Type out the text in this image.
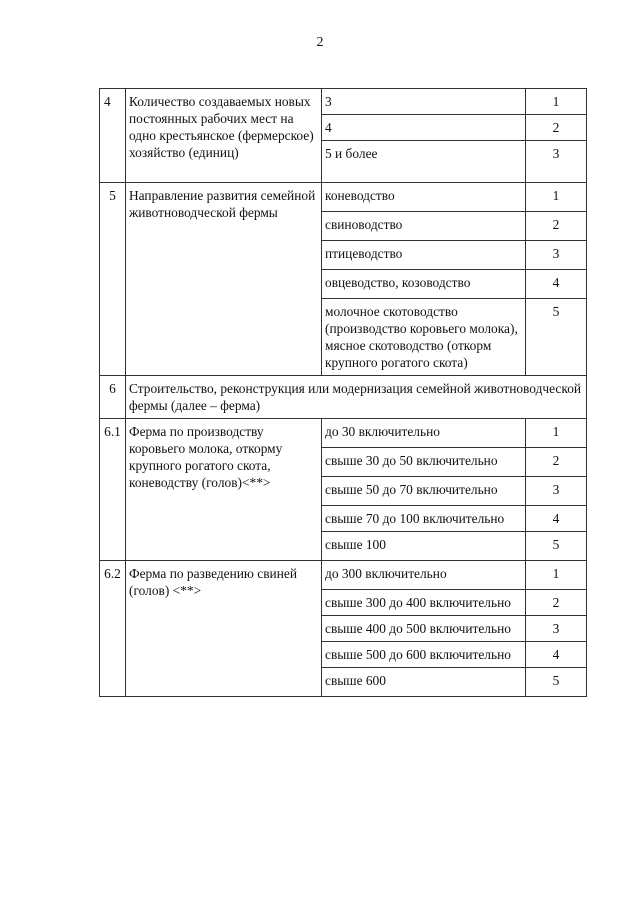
2
4	Количество создаваемых новых постоянных рабочих мест на одно крестьянское (фермерское) хозяйство (единиц)	3	1
		4	2
		5 и более	3
5	Направление развития семейной животноводческой фермы	коневодство	1
		свиноводство	2
		птицеводство	3
		овцеводство, козоводство	4
		молочное скотоводство (производство коровьего молока), мясное скотоводство (откорм крупного рогатого скота)	5
6	Строительство, реконструкция или модернизация семейной животноводческой фермы (далее – ферма)		
6.1	Ферма по производству коровьего молока, откорму крупного рогатого скота, коневодству (голов)<**>	до 30 включительно	1
		свыше 30 до 50 включительно	2
		свыше 50 до 70 включительно	3
		свыше 70 до 100 включительно	4
		свыше 100	5
6.2	Ферма по разведению свиней (голов) <**>	до 300 включительно	1
		свыше 300 до 400 включительно	2
		свыше 400 до 500 включительно	3
		свыше 500 до 600 включительно	4
		свыше 600	5
